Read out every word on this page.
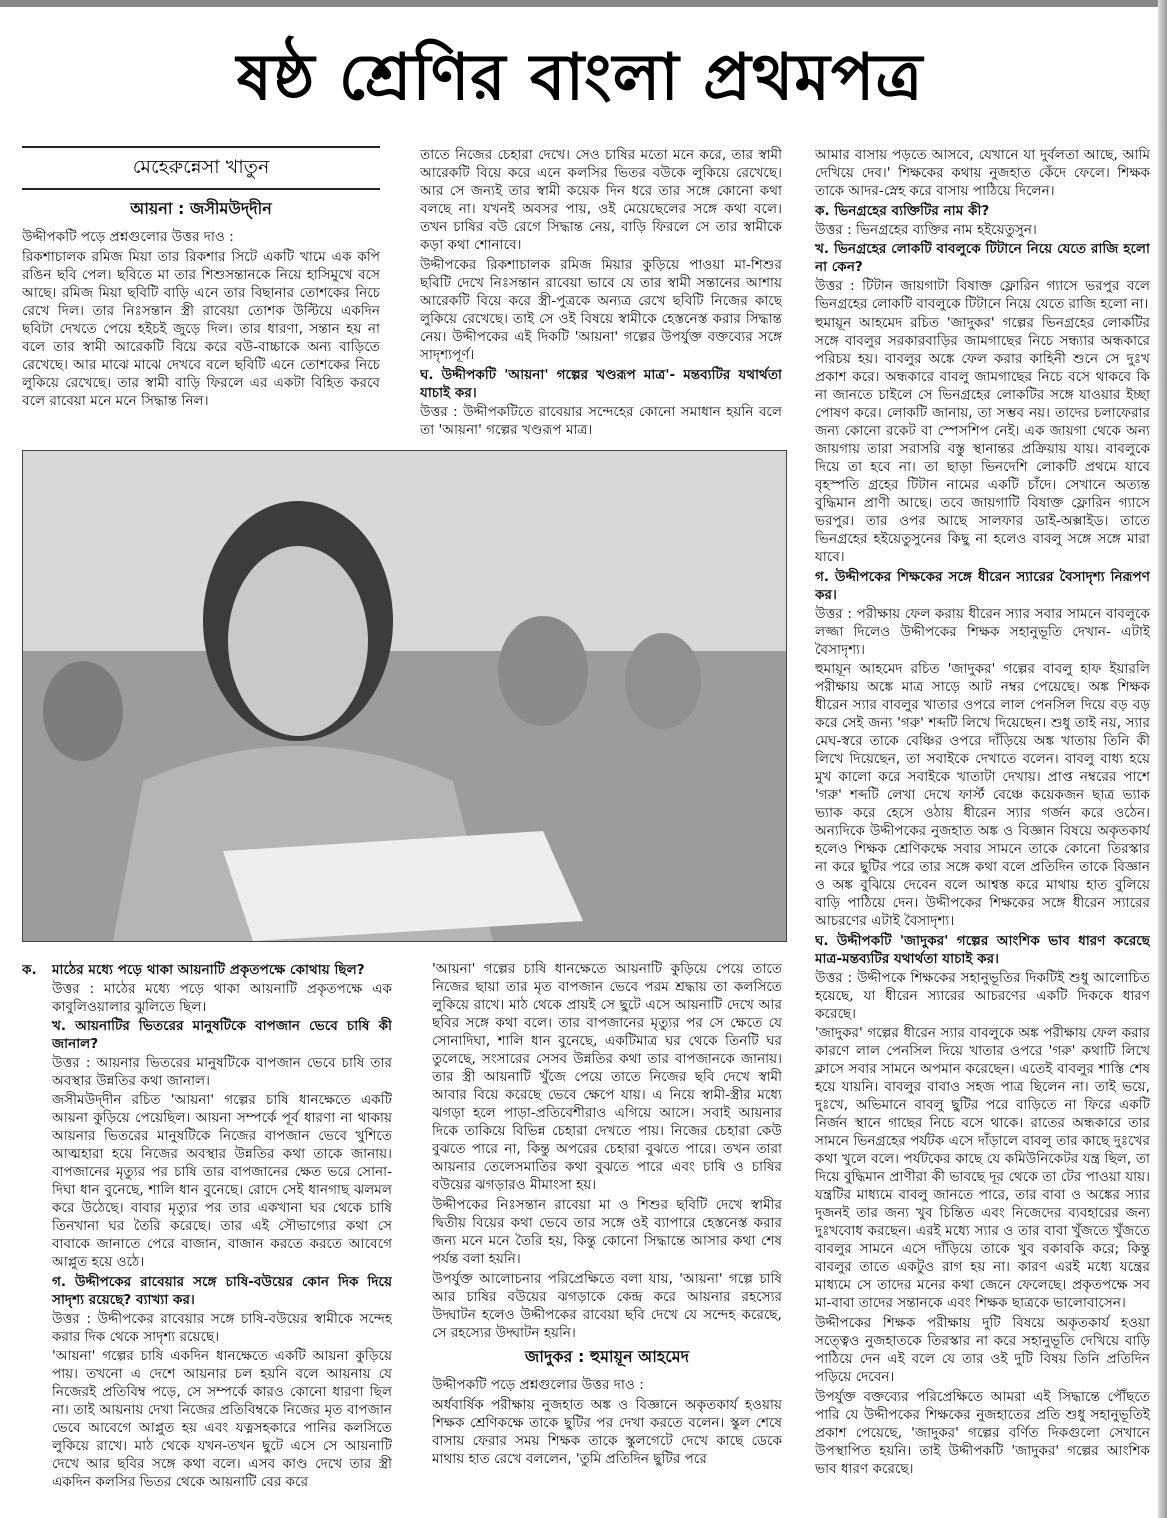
ষষ্ঠ শ্রেণির বাংলা প্রথমপত্র
মেহেরুন্নেসা খাতুন
আয়না : জসীমউদ্‌দীন

উদ্দীপকটি পড়ে প্রশ্নগুলোর উত্তর দাও :

রিকশাচালক রমিজ মিয়া তার রিকশার সিটে একটি খামে এক কপি রঙিন ছবি পেল। ছবিতে মা তার শিশুসন্তানকে নিয়ে হাসিমুখে বসে আছে। রমিজ মিয়া ছবিটি বাড়ি এনে তার বিছানার তোশকের নিচে রেখে দিল। তার নিঃসন্তান স্ত্রী রাবেয়া তোশক উল্টিয়ে একদিন ছবিটা দেখতে পেয়ে হইচই জুড়ে দিল। তার ধারণা, সন্তান হয় না বলে তার স্বামী আরেকটি বিয়ে করে বউ-বাচ্চাকে অন্য বাড়িতে রেখেছে। আর মাঝে মাঝে দেখবে বলে ছবিটি এনে তোশকের নিচে লুকিয়ে রেখেছে। তার স্বামী বাড়ি ফিরলে এর একটা বিহিত করবে বলে রাবেয়া মনে মনে সিদ্ধান্ত নিল।

তাতে নিজের চেহারা দেখে। সেও চাষির মতো মনে করে, তার স্বামী আরেকটি বিয়ে করে এনে কলসির ভিতর বউকে লুকিয়ে রেখেছে। আর সে জন্যই তার স্বামী কয়েক দিন ধরে তার সঙ্গে কোনো কথা বলছে না। যখনই অবসর পায়, ওই মেয়েছেলের সঙ্গে কথা বলে। তখন চাষির বউ রেগে সিদ্ধান্ত নেয়, বাড়ি ফিরলে সে তার স্বামীকে কড়া কথা শোনাবে।

উদ্দীপকের রিকশাচালক রমিজ মিয়ার কুড়িয়ে পাওয়া মা-শিশুর ছবিটি দেখে নিঃসন্তান রাবেয়া ভাবে যে তার স্বামী সন্তানের আশায় আরেকটি বিয়ে করে স্ত্রী-পুত্রকে অন্যত্র রেখে ছবিটি নিজের কাছে লুকিয়ে রেখেছে। তাই সে ওই বিষয়ে স্বামীকে হেস্তনেস্ত করার সিদ্ধান্ত নেয়। উদ্দীপকের এই দিকটি 'আয়না' গল্পের উপর্যুক্ত বক্তব্যের সঙ্গে সাদৃশ্যপূর্ণ।

ঘ. উদ্দীপকটি 'আয়না' গল্পের খণ্ডরূপ মাত্র'- মন্তব্যটির যথার্থতা যাচাই কর।

উত্তর : উদ্দীপকটিতে রাবেয়ার সন্দেহের কোনো সমাধান হয়নি বলে তা 'আয়না' গল্পের খণ্ডরূপ মাত্র।

আমার বাসায় পড়তে আসবে, যেখানে যা দুর্বলতা আছে, আমি দেখিয়ে দেব।' শিক্ষকের কথায় নুজহাত কেঁদে ফেলে। শিক্ষক তাকে আদর-স্নেহ করে বাসায় পাঠিয়ে দিলেন।

ক. ভিনগ্রহের ব্যক্তিটির নাম কী?

উত্তর : ভিনগ্রহের ব্যক্তির নাম হইয়েতুসুন।

খ. ভিনগ্রহের লোকটি বাবলুকে টিটানে নিয়ে যেতে রাজি হলো না কেন?

উত্তর : টিটান জায়গাটা বিষাক্ত ফ্লোরিন গ্যাসে ভরপুর বলে ভিনগ্রহের লোকটি বাবলুকে টিটানে নিয়ে যেতে রাজি হলো না।

হুমায়ূন আহমেদ রচিত 'জাদুকর' গল্পের ভিনগ্রহের লোকটির সঙ্গে বাবলুর সরকারবাড়ির জামগাছের নিচে সন্ধ্যার অন্ধকারে পরিচয় হয়। বাবলুর অঙ্কে ফেল করার কাহিনী শুনে সে দুঃখ প্রকাশ করে। অন্ধকারে বাবলু জামগাছের নিচে বসে থাকবে কি না জানতে চাইলে সে ভিনগ্রহের লোকটির সঙ্গে যাওয়ার ইচ্ছা পোষণ করে। লোকটি জানায়, তা সম্ভব নয়। তাদের চলাফেরার জন্য কোনো রকেট বা স্পেসশিপ নেই। এক জায়গা থেকে অন্য জায়গায় তারা সরাসরি বস্তু স্থানান্তর প্রক্রিয়ায় যায়। বাবলুকে দিয়ে তা হবে না। তা ছাড়া ভিনদেশি লোকটি প্রথমে যাবে বৃহস্পতি গ্রহের টিটান নামের একটি চাঁদে। সেখানে অত্যন্ত বুদ্ধিমান প্রাণী আছে। তবে জায়গাটি বিষাক্ত ফ্লোরিন গ্যাসে ভরপুর। তার ওপর আছে সালফার ডাই-অক্সাইড। তাতে ভিনগ্রহের হইয়েতুসুনের কিছু না হলেও বাবলু সঙ্গে সঙ্গে মারা যাবে।

গ. উদ্দীপকের শিক্ষকের সঙ্গে ধীরেন স্যারের বৈসাদৃশ্য নিরূপণ কর।

উত্তর : পরীক্ষায় ফেল করায় ধীরেন স্যার সবার সামনে বাবলুকে লজ্জা দিলেও উদ্দীপকের শিক্ষক সহানুভূতি দেখান- এটাই বৈসাদৃশ্য।

হুমায়ূন আহমেদ রচিত 'জাদুকর' গল্পের বাবলু হাফ ইয়ারলি পরীক্ষায় অঙ্কে মাত্র সাড়ে আট নম্বর পেয়েছে। অঙ্ক শিক্ষক ধীরেন স্যার বাবলুর খাতার ওপরে লাল পেনসিল দিয়ে বড় বড় করে সেই জন্য 'গরু' শব্দটি লিখে দিয়েছেন। শুধু তাই নয়, স্যার মেঘ-স্বরে তাকে বেঞ্চির ওপরে দাঁড়িয়ে অঙ্ক খাতায় তিনি কী লিখে দিয়েছেন, তা সবাইকে দেখাতে বলেন। বাবলু বাধ্য হয়ে মুখ কালো করে সবাইকে খাতাটা দেখায়। প্রাপ্ত নম্বরের পাশে 'গরু' শব্দটি লেখা দেখে ফার্স্ট বেঞ্চে কয়েকজন ছাত্র ভ্যাক ভ্যাক করে হেসে ওঠায় ধীরেন স্যার গর্জন করে ওঠেন। অন্যদিকে উদ্দীপকের নুজহাত অঙ্ক ও বিজ্ঞান বিষয়ে অকৃতকার্য হলেও শিক্ষক শ্রেণিকক্ষে সবার সামনে তাকে কোনো তিরস্কার না করে ছুটির পরে তার সঙ্গে কথা বলে প্রতিদিন তাকে বিজ্ঞান ও অঙ্ক বুঝিয়ে দেবেন বলে আশ্বস্ত করে মাথায় হাত বুলিয়ে বাড়ি পাঠিয়ে দেন। উদ্দীপকের শিক্ষকের সঙ্গে ধীরেন স্যারের আচরণের এটাই বৈসাদৃশ্য।

ঘ. উদ্দীপকটি 'জাদুকর' গল্পের আংশিক ভাব ধারণ করেছে মাত্র-মন্তব্যটির যথার্থতা যাচাই কর।

উত্তর : উদ্দীপকে শিক্ষকের সহানুভূতির দিকটিই শুধু আলোচিত হয়েছে, যা ধীরেন স্যারের আচরণের একটি দিককে ধারণ করেছে।

'জাদুকর' গল্পের ধীরেন স্যার বাবলুকে অঙ্ক পরীক্ষায় ফেল করার কারণে লাল পেনসিল দিয়ে খাতার ওপরে 'গরু' কথাটি লিখে ক্লাসে সবার সামনে অপমান করেছেন। এতেই বাবলুর শাস্তি শেষ হয়ে যায়নি। বাবলুর বাবাও সহজ পাত্র ছিলেন না। তাই ভয়ে, দুঃখে, অভিমানে বাবলু ছুটির পরে বাড়িতে না ফিরে একটি নির্জন স্থানে গাছের নিচে বসে থাকে। রাতের অন্ধকারে তার সামনে ভিনগ্রহের পর্যটক এসে দাঁড়ালে বাবলু তার কাছে দুঃখের কথা খুলে বলে। পর্যটকের কাছে যে কমিউনিকেটর যন্ত্র ছিল, তা দিয়ে বুদ্ধিমান প্রাণীরা কী ভাবছে দূর থেকে তা টের পাওয়া যায়। যন্ত্রটির মাধ্যমে বাবলু জানতে পারে, তার বাবা ও অঙ্কের স্যার দুজনই তার জন্য খুব চিন্তিত এবং নিজেদের ব্যবহারের জন্য দুঃখবোধ করছেন। এরই মধ্যে স্যার ও তার বাবা খুঁজতে খুঁজতে বাবলুর সামনে এসে দাঁড়িয়ে তাকে খুব বকাবকি করে; কিন্তু বাবলুর তাতে একটুও রাগ হয় না। কারণ এরই মধ্যে যন্ত্রের মাধ্যমে সে তাদের মনের কথা জেনে ফেলেছে। প্রকৃতপক্ষে সব মা-বাবা তাদের সন্তানকে এবং শিক্ষক ছাত্রকে ভালোবাসেন।

উদ্দীপকের শিক্ষক পরীক্ষায় দুটি বিষয়ে অকৃতকার্য হওয়া সত্ত্বেও নুজহাতকে তিরস্কার না করে সহানুভূতি দেখিয়ে বাড়ি পাঠিয়ে দেন এই বলে যে তার ওই দুটি বিষয় তিনি প্রতিদিন পড়িয়ে দেবেন।

উপর্যুক্ত বক্তব্যের পরিপ্রেক্ষিতে আমরা এই সিদ্ধান্তে পৌঁছতে পারি যে উদ্দীপকের শিক্ষকের নুজহাতের প্রতি শুধু সহানুভূতিই প্রকাশ পেয়েছে, 'জাদুকর' গল্পের বর্ণিত দিকগুলো সেখানে উপস্থাপিত হয়নি। তাই উদ্দীপকটি 'জাদুকর' গল্পের আংশিক ভাব ধারণ করেছে।

ক. মাঠের মধ্যে পড়ে থাকা আয়নাটি প্রকৃতপক্ষে কোথায় ছিল?

উত্তর : মাঠের মধ্যে পড়ে থাকা আয়নাটি প্রকৃতপক্ষে এক কাবুলিওয়ালার ঝুলিতে ছিল।

খ. আয়নাটির ভিতরের মানুষটিকে বাপজান ভেবে চাষি কী জানাল?

উত্তর : আয়নার ভিতরের মানুষটিকে বাপজান ভেবে চাষি তার অবস্থার উন্নতির কথা জানাল।

জসীমউদ্‌দীন রচিত 'আয়না' গল্পের চাষি ধানক্ষেতে একটি আয়না কুড়িয়ে পেয়েছিল। আয়না সম্পর্কে পূর্ব ধারণা না থাকায় আয়নার ভিতরের মানুষটিকে নিজের বাপজান ভেবে খুশিতে আত্মহারা হয়ে নিজের অবস্থার উন্নতির কথা তাকে জানায়। বাপজানের মৃত্যুর পর চাষি তার বাপজানের ক্ষেত ভরে সোনা-দিঘা ধান বুনেছে, শালি ধান বুনেছে। রোদে সেই ধানগাছ ঝলমল করে উঠেছে। বাবার মৃত্যুর পর তার একখানা ঘর থেকে চাষি তিনখানা ঘর তৈরি করেছে। তার এই সৌভাগ্যের কথা সে বাবাকে জানাতে পেরে বাজান, বাজান করতে করতে আবেগে আপ্লুত হয়ে ওঠে।

গ. উদ্দীপকের রাবেয়ার সঙ্গে চাষি-বউয়ের কোন দিক দিয়ে সাদৃশ্য রয়েছে? ব্যাখ্যা কর।

উত্তর : উদ্দীপকের রাবেয়ার সঙ্গে চাষি-বউয়ের স্বামীকে সন্দেহ করার দিক থেকে সাদৃশ্য রয়েছে।

'আয়না' গল্পের চাষি একদিন ধানক্ষেতে একটি আয়না কুড়িয়ে পায়। তখনো এ দেশে আয়নার চল হয়নি বলে আয়নায় যে নিজেরই প্রতিবিম্ব পড়ে, সে সম্পর্কে কারও কোনো ধারণা ছিল না। তাই আয়নায় দেখা নিজের প্রতিবিম্বকে নিজের মৃত বাপজান ভেবে আবেগে আপ্লুত হয় এবং যত্নসহকারে পানির কলসিতে লুকিয়ে রাখে। মাঠ থেকে যখন-তখন ছুটে এসে সে আয়নাটি দেখে আর ছবির সঙ্গে কথা বলে। এসব কাণ্ড দেখে তার স্ত্রী একদিন কলসির ভিতর থেকে আয়নাটি বের করে

'আয়না' গল্পের চাষি ধানক্ষেতে আয়নাটি কুড়িয়ে পেয়ে তাতে নিজের ছায়া তার মৃত বাপজান ভেবে পরম শ্রদ্ধায় তা কলসিতে লুকিয়ে রাখে। মাঠ থেকে প্রায়ই সে ছুটে এসে আয়নাটি দেখে আর ছবির সঙ্গে কথা বলে। তার বাপজানের মৃত্যুর পর সে ক্ষেতে যে সোনাদিঘা, শালি ধান বুনেছে, একটিমাত্র ঘর থেকে তিনটি ঘর তুলেছে, সংসারের সেসব উন্নতির কথা তার বাপজানকে জানায়। তার স্ত্রী আয়নাটি খুঁজে পেয়ে তাতে নিজের ছবি দেখে স্বামী আবার বিয়ে করেছে ভেবে ক্ষেপে যায়। এ নিয়ে স্বামী-স্ত্রীর মধ্যে ঝগড়া হলে পাড়া-প্রতিবেশীরাও এগিয়ে আসে। সবাই আয়নার দিকে তাকিয়ে বিভিন্ন চেহারা দেখতে পায়। নিজের চেহারা কেউ বুঝতে পারে না, কিন্তু অপরের চেহারা বুঝতে পারে। তখন তারা আয়নার তেলেসমাতির কথা বুঝতে পারে এবং চাষি ও চাষির বউয়ের ঝগড়ারও মীমাংসা হয়।

উদ্দীপকের নিঃসন্তান রাবেয়া মা ও শিশুর ছবিটি দেখে স্বামীর দ্বিতীয় বিয়ের কথা ভেবে তার সঙ্গে ওই ব্যাপারে হেস্তনেস্ত করার জন্য মনে মনে তৈরি হয়, কিন্তু কোনো সিদ্ধান্তে আসার কথা শেষ পর্যন্ত বলা হয়নি।

উপর্যুক্ত আলোচনার পরিপ্রেক্ষিতে বলা যায়, 'আয়না' গল্পে চাষি আর চাষির বউয়ের ঝগড়াকে কেন্দ্র করে আয়নার রহস্যের উদ্ঘাটন হলেও উদ্দীপকের রাবেয়া ছবি দেখে যে সন্দেহ করেছে, সে রহস্যের উদ্ঘাটন হয়নি।

জাদুকর : হুমায়ূন আহমেদ

উদ্দীপকটি পড়ে প্রশ্নগুলোর উত্তর দাও :

অর্ধবার্ষিক পরীক্ষায় নুজহাত অঙ্ক ও বিজ্ঞানে অকৃতকার্য হওয়ায় শিক্ষক শ্রেণিকক্ষে তাকে ছুটির পর দেখা করতে বলেন। স্কুল শেষে বাসায় ফেরার সময় শিক্ষক তাকে স্কুলগেটে দেখে কাছে ডেকে মাথায় হাত রেখে বললেন, 'তুমি প্রতিদিন ছুটির পরে
